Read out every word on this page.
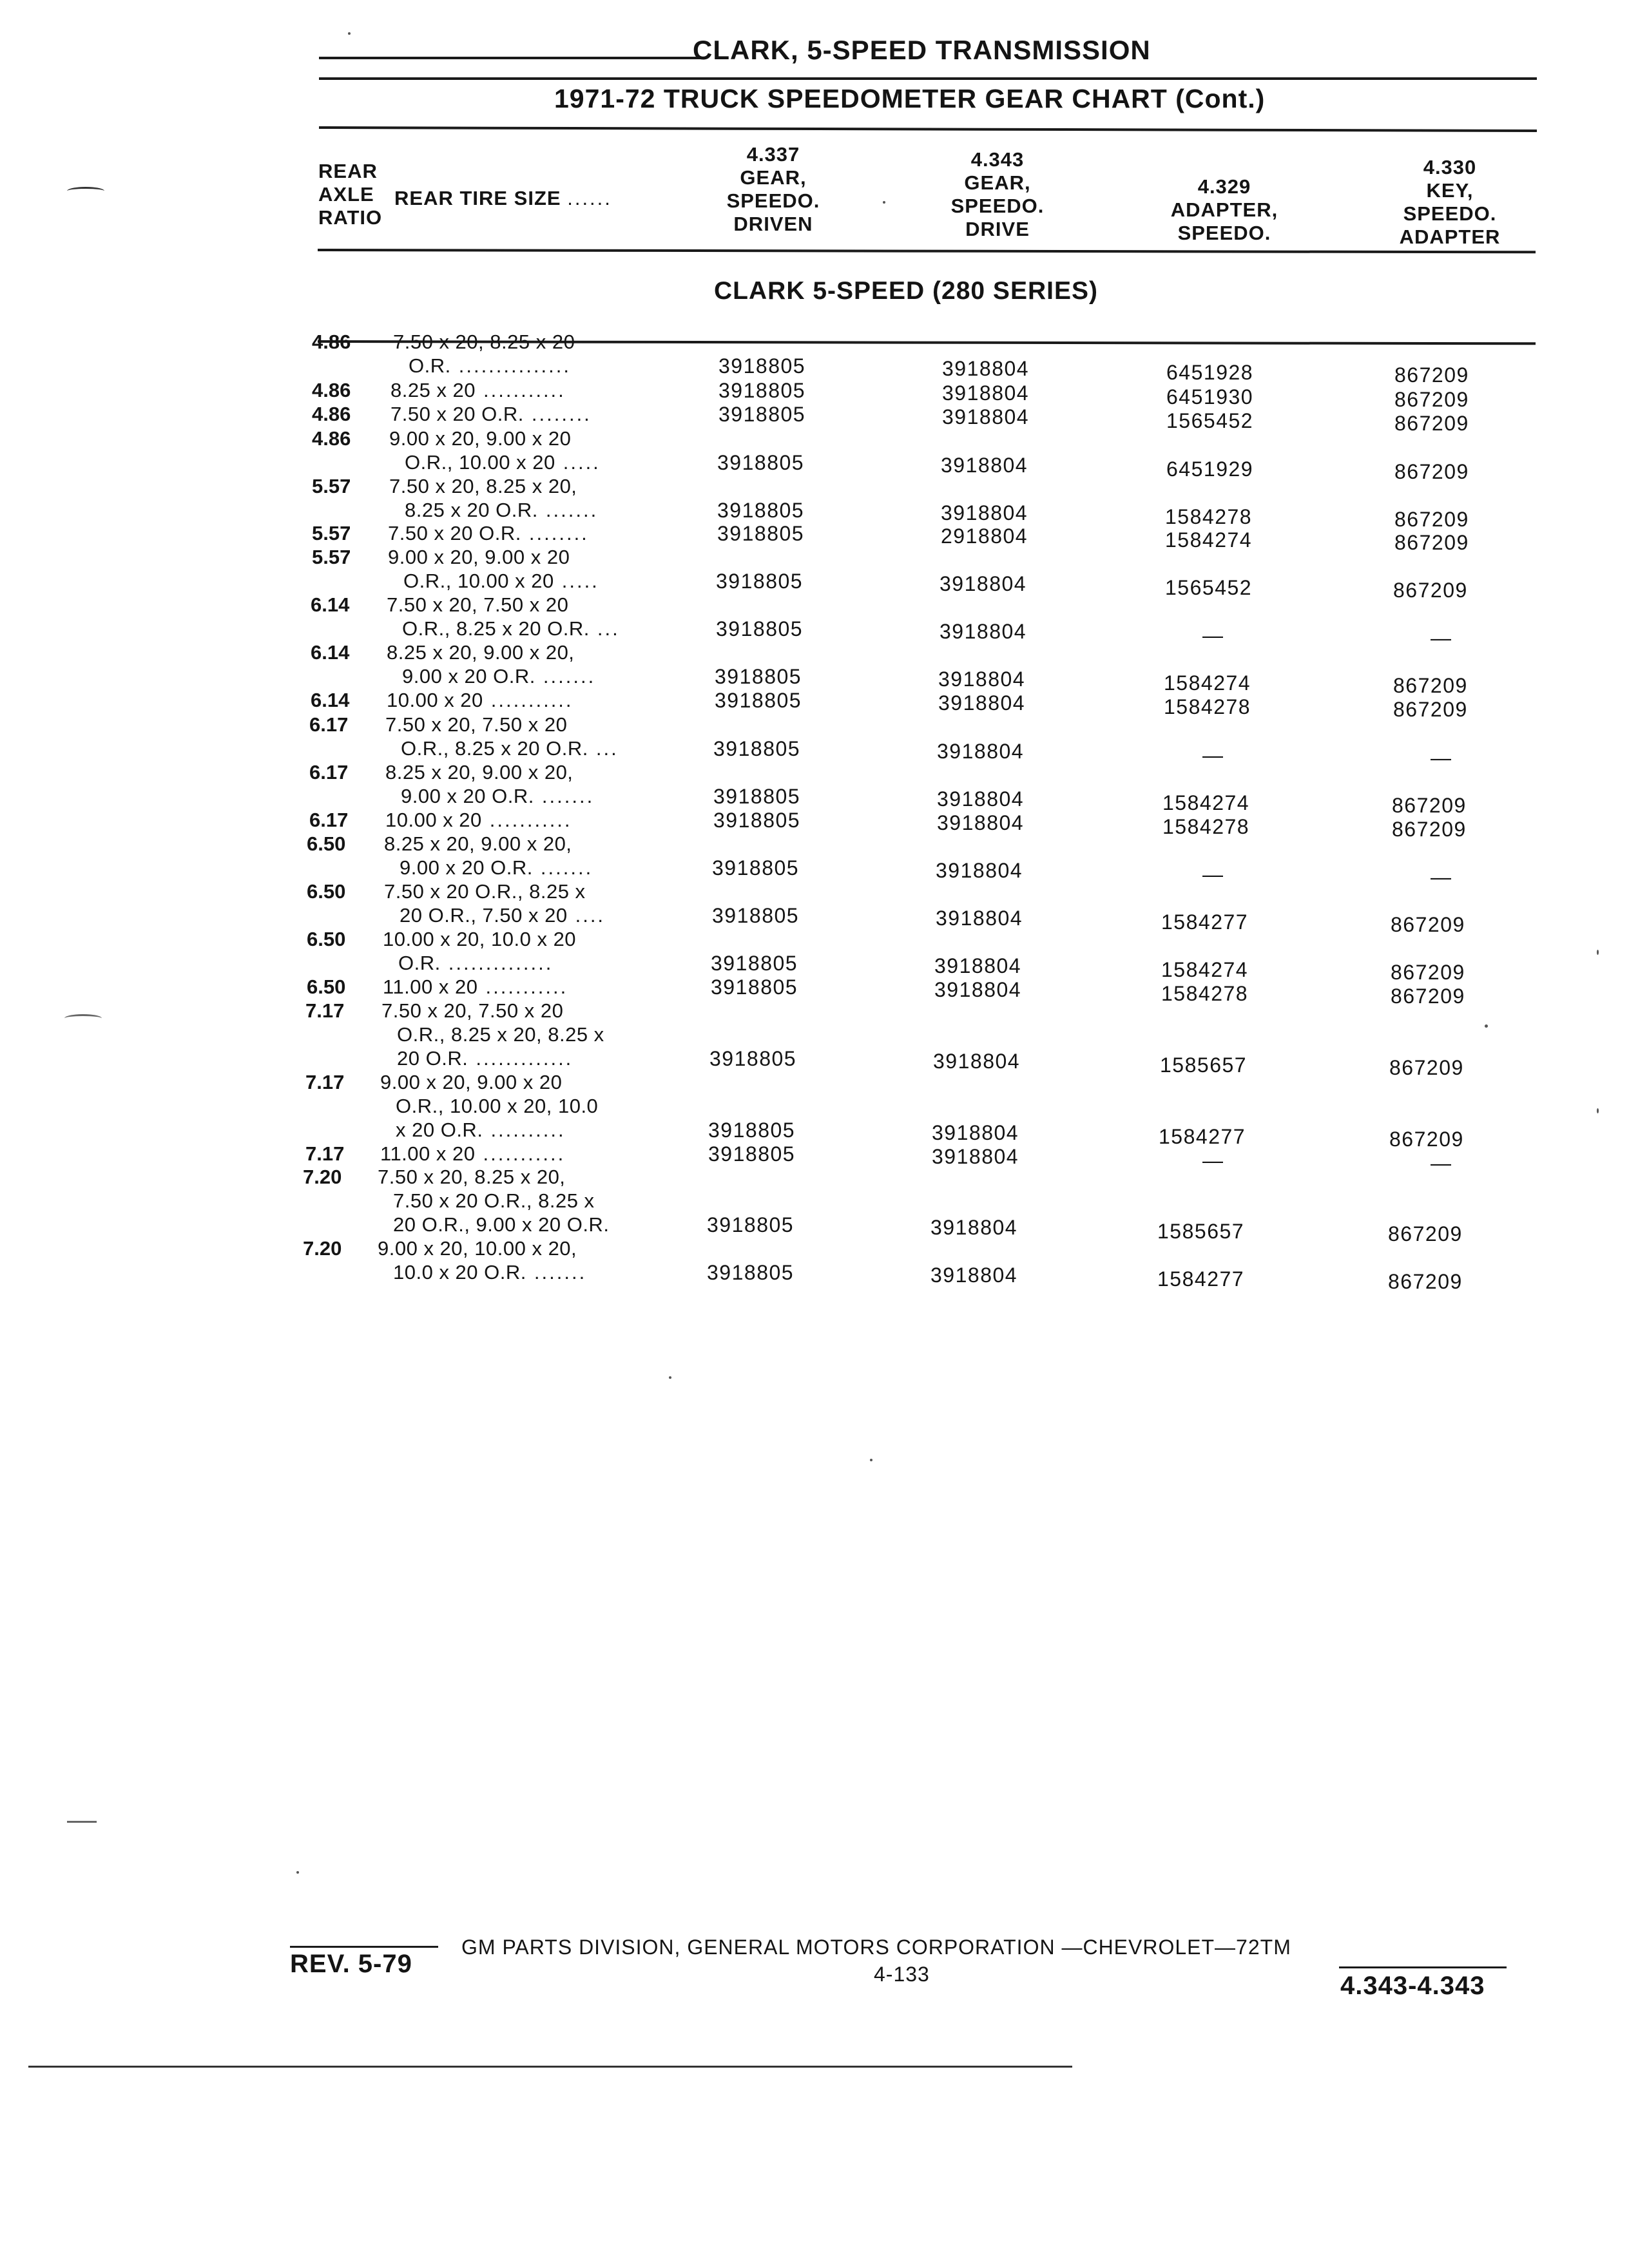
CLARK, 5-SPEED TRANSMISSION
1971-72 TRUCK SPEEDOMETER GEAR CHART (Cont.)
REAR
AXLE
RATIO
REAR TIRE SIZE ......
4.337
GEAR,
SPEEDO.
DRIVEN
4.343
GEAR,
SPEEDO.
DRIVE
4.329
ADAPTER,
SPEEDO.
4.330
KEY,
SPEEDO.
ADAPTER
CLARK 5-SPEED (280 SERIES)
4.86 7.50 x 20, 8.25 x 20
O.R. ...............	3918805	3918804	6451928	867209
4.86 8.25 x 20 ...........	3918805	3918804	6451930	867209
4.86 7.50 x 20 O.R. ........	3918805	3918804	1565452	867209
4.86 9.00 x 20, 9.00 x 20
O.R., 10.00 x 20 .....	3918805	3918804	6451929	867209
5.57 7.50 x 20, 8.25 x 20,
8.25 x 20 O.R. .......	3918805	3918804	1584278	867209
5.57 7.50 x 20 O.R. ........	3918805	2918804	1584274	867209
5.57 9.00 x 20, 9.00 x 20
O.R., 10.00 x 20 .....	3918805	3918804	1565452	867209
6.14 7.50 x 20, 7.50 x 20
O.R., 8.25 x 20 O.R. ...	3918805	3918804	—	—
6.14 8.25 x 20, 9.00 x 20,
9.00 x 20 O.R. .......	3918805	3918804	1584274	867209
6.14 10.00 x 20 ...........	3918805	3918804	1584278	867209
6.17 7.50 x 20, 7.50 x 20
O.R., 8.25 x 20 O.R. ...	3918805	3918804	—	—
6.17 8.25 x 20, 9.00 x 20,
9.00 x 20 O.R. .......	3918805	3918804	1584274	867209
6.17 10.00 x 20 ...........	3918805	3918804	1584278	867209
6.50 8.25 x 20, 9.00 x 20,
9.00 x 20 O.R. .......	3918805	3918804	—	—
6.50 7.50 x 20 O.R., 8.25 x
20 O.R., 7.50 x 20 ....	3918805	3918804	1584277	867209
6.50 10.00 x 20, 10.0 x 20
O.R. ..............	3918805	3918804	1584274	867209
6.50 11.00 x 20 ...........	3918805	3918804	1584278	867209
7.17 7.50 x 20, 7.50 x 20
O.R., 8.25 x 20, 8.25 x
20 O.R. .............	3918805	3918804	1585657	867209
7.17 9.00 x 20, 9.00 x 20
O.R., 10.00 x 20, 10.0
x 20 O.R. ..........	3918805	3918804	1584277	867209
7.17 11.00 x 20 ...........	3918805	3918804	—	—
7.20 7.50 x 20, 8.25 x 20,
7.50 x 20 O.R., 8.25 x
20 O.R., 9.00 x 20 O.R.	3918805	3918804	1585657	867209
7.20 9.00 x 20, 10.00 x 20,
10.0 x 20 O.R. .......	3918805	3918804	1584277	867209
REV. 5-79
GM PARTS DIVISION, GENERAL MOTORS CORPORATION —CHEVROLET—72TM
4-133	4.343-4.343
